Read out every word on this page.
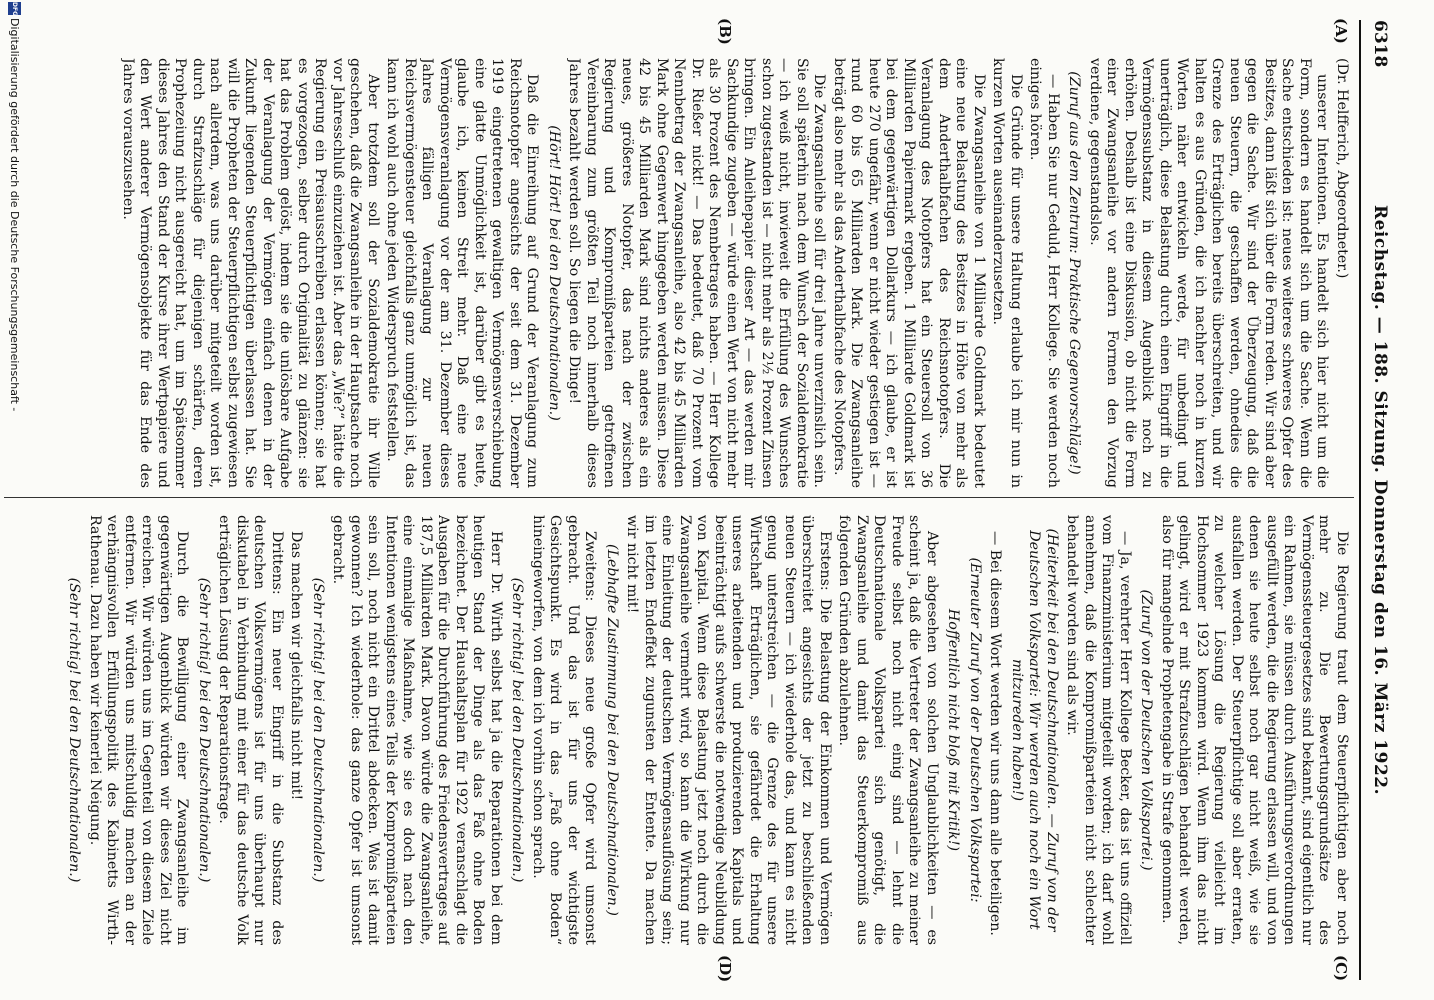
6318
Reichstag. — 188. Sitzung. Donnerstag den 16. März 1922.
(A)
(B)
(C)
(D)

(Dr. Helfferich, Abgeordneter.)

unserer Intentionen. Es handelt sich hier nicht um die Form, sondern es handelt sich um die Sache. Wenn die Sache entschieden ist: neues weiteres schweres Opfer des Besitzes, dann läßt sich über die Form reden. Wir sind aber gegen die Sache. Wir sind der Überzeugung, daß die neuen Steuern, die geschaffen werden, ohnedies die Grenze des Erträglichen bereits überschreiten, und wir halten es aus Gründen, die ich nachher noch in kurzen Worten näher entwickeln werde, für unbedingt und unerträglich, diese Belastung durch einen Eingriff in die Vermögenssubstanz in diesem Augenblick noch zu erhöhen. Deshalb ist eine Diskussion, ob nicht die Form einer Zwangsanleihe vor andern Formen den Vorzug verdiene, gegenstandslos.

(Zuruf aus dem Zentrum: Praktische Gegenvorschläge!)

— Haben Sie nur Geduld, Herr Kollege. Sie werden noch einiges hören.

Die Gründe für unsere Haltung erlaube ich mir nun in kurzen Worten auseinanderzusetzen.

Die Zwangsanleihe von 1 Milliarde Goldmark bedeutet eine neue Belastung des Besitzes in Höhe von mehr als dem Anderthalbfachen des Reichsnotopfers. Die Veranlagung des Notopfers hat ein Steuersoll von 36 Milliarden Papiermark ergeben. 1 Milliarde Goldmark ist bei dem gegenwärtigen Dollarkurs — ich glaube, er ist heute 270 ungefähr, wenn er nicht wieder gestiegen ist — rund 60 bis 65 Milliarden Mark. Die Zwangsanleihe beträgt also mehr als das Anderthalbfache des Notopfers.

Die Zwangsanleihe soll für drei Jahre unverzinslich sein. Sie soll späterhin nach dem Wunsch der Sozialdemokratie — ich weiß nicht, inwieweit die Erfüllung des Wunsches schon zugestanden ist — nicht mehr als 2½ Prozent Zinsen bringen. Ein Anleihepapier dieser Art — das werden mir Sachkundige zugeben — würde einen Wert von nicht mehr als 30 Prozent des Nennbetrages haben. — Herr Kollege Dr. Rießer nickt! — Das bedeutet, daß 70 Prozent vom Nennbetrag der Zwangsanleihe, also 42 bis 45 Milliarden Mark ohne Gegenwert hingegeben werden müssen. Diese 42 bis 45 Milliarden Mark sind nichts anderes als ein neues, größeres Notopfer, das nach der zwischen Regierung und Kompromißparteien getroffenen Vereinbarung zum größten Teil noch innerhalb dieses Jahres bezahlt werden soll. So liegen die Dinge!

(Hört! Hört! bei den Deutschnationalen.)

Daß die Einreihung auf Grund der Veranlagung zum Reichsnotopfer angesichts der seit dem 31. Dezember 1919 eingetretenen gewaltigen Vermögensverschiebung eine glatte Unmöglichkeit ist, darüber gibt es heute, glaube ich, keinen Streit mehr. Daß eine neue Vermögensveranlagung vor der am 31. Dezember dieses Jahres fälligen Veranlagung zur neuen Reichsvermögensteuer gleichfalls ganz unmöglich ist, das kann ich wohl auch ohne jeden Widerspruch feststellen.

Aber trotzdem soll der Sozialdemokratie ihr Wille geschehen, daß die Zwangsanleihe in der Hauptsache noch vor Jahresschluß einzuziehen ist. Aber das „Wie?“ hätte die Regierung ein Preisausschreiben erlassen können; sie hat es vorgezogen, selber durch Originalität zu glänzen: sie hat das Problem gelöst, indem sie die unlösbare Aufgabe der Veranlagung der Vermögen einfach denen in der Zukunft liegenden Steuerpflichtigen überlassen hat. Sie will die Propheten der Steuerpflichtigen selbst zugewiesen nach allerdem, was uns darüber mitgeteilt worden ist, durch Strafzuschläge für diejenigen schärfen, deren Prophezeiung nicht ausgereicht hat, um im Spätsommer dieses Jahres den Stand der Kurse ihrer Wertpapiere und den Wert anderer Vermögensobjekte für das Ende des Jahres vorauszusehen.

Die Regierung traut dem Steuerpflichtigen aber noch mehr zu. Die Bewertungsgrundsätze des Vermögenssteuergesetzes sind bekannt, sind eigentlich nur ein Rahmen, sie müssen durch Ausführungsverordnungen ausgefüllt werden, die die Regierung erlassen will, und von denen sie heute selbst noch gar nicht weiß, wie sie ausfallen werden. Der Steuerpflichtige soll aber erraten, zu welcher Lösung die Regierung vielleicht im Hochsommer 1923 kommen wird. Wenn ihm das nicht gelingt, wird er mit Strafzuschlägen behandelt werden, also für mangelnde Prophetengabe in Strafe genommen.

(Zuruf von der Deutschen Volkspartei.)

— Ja, verehrter Herr Kollege Becker, das ist uns offiziell vom Finanzministerium mitgeteilt worden; ich darf wohl annehmen, daß die Kompromißparteien nicht schlechter behandelt worden sind als wir.

(Heiterkeit bei den Deutschnationalen. — Zuruf von der Deutschen Volkspartei: Wir werden auch noch ein Wort mitzureden haben!)

— Bei diesem Wort werden wir uns dann alle beteiligen.

(Erneuter Zuruf von der Deutschen Volkspartei:

Hoffentlich nicht bloß mit Kritik!)

Aber abgesehen von solchen Unglaublichkeiten — es scheint ja, daß die Vertreter der Zwangsanleihe zu meiner Freude selbst noch nicht einig sind — lehnt die Deutschnationale Volkspartei sich genötigt, die Zwangsanleihe und damit das Steuerkompromiß aus folgenden Gründen abzulehnen.

Erstens: Die Belastung der Einkommen und Vermögen überschreitet angesichts der jetzt zu beschließenden neuen Steuern — ich wiederhole das, und kann es nicht genug unterstreichen — die Grenze des für unsere Wirtschaft Erträglichen, sie gefährdet die Erhaltung unseres arbeitenden und produzierenden Kapitals und beeinträchtigt aufs schwerste die notwendige Neubildung von Kapital. Wenn diese Belastung jetzt noch durch die Zwangsanleihe vermehrt wird, so kann die Wirkung nur eine Einleitung der deutschen Vermögensauflösung sein; im letzten Endeffekt zugunsten der Entente. Da machen wir nicht mit!

(Lebhafte Zustimmung bei den Deutschnationalen.)

Zweitens: Dieses neue große Opfer wird umsonst gebracht. Und das ist für uns der wichtigste Gesichtspunkt. Es wird in das „Faß ohne Boden“ hineingeworfen, von dem ich vorhin schon sprach.

(Sehr richtig! bei den Deutschnationalen.)

Herr Dr. Wirth selbst hat ja die Reparationen bei dem heutigen Stand der Dinge als das Faß ohne Boden bezeichnet. Der Haushaltsplan für 1922 veranschlagt die Ausgaben für die Durchführung des Friedensvertrages auf 187,5 Milliarden Mark. Davon würde die Zwangsanleihe, eine einmalige Maßnahme, wie sie es doch nach den Intentionen wenigstens eines Teils der Kompromißparteien sein soll, noch nicht ein Drittel abdecken. Was ist damit gewonnen? Ich wiederhole: das ganze Opfer ist umsonst gebracht.

(Sehr richtig! bei den Deutschnationalen.)

Das machen wir gleichfalls nicht mit!

Drittens: Ein neuer Eingriff in die Substanz des deutschen Volksvermögens ist für uns überhaupt nur diskutabel in Verbindung mit einer für das deutsche Volk erträglichen Lösung der Reparationsfrage.

(Sehr richtig! bei den Deutschnationalen.)

Durch die Bewilligung einer Zwangsanleihe im gegenwärtigen Augenblick würden wir dieses Ziel nicht erreichen. Wir würden uns im Gegenteil von diesem Ziele entfernen. Wir würden uns mitschuldig machen an der verhängnisvollen Erfüllungspolitik des Kabinetts Wirth-Rathenau. Dazu haben wir keinerlei Neigung.

(Sehr richtig! bei den Deutschnationalen.)

DFG
Digitalisierung gefördert durch die Deutsche Forschungsgemeinschaft -
